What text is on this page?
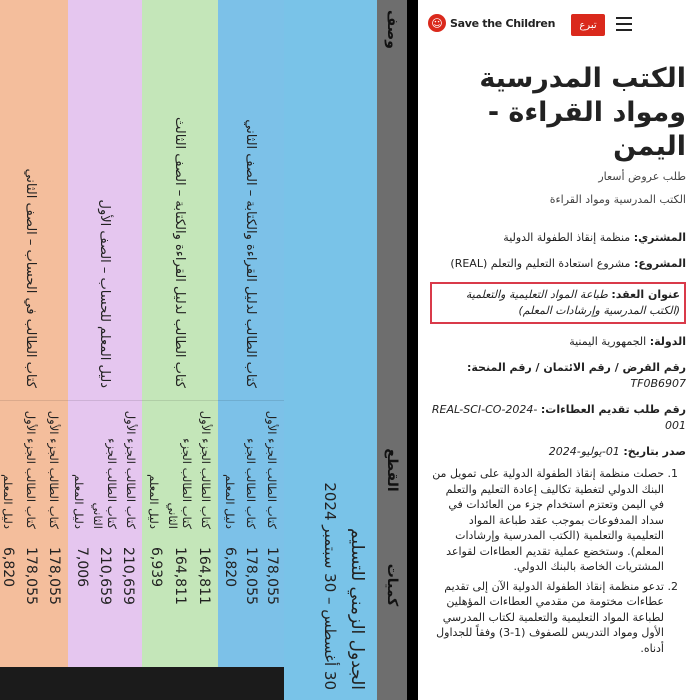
وصف
القطع
كميات
الجدول الزمني للتسليم
30 أغسطس – 30 سبتمبر 2024
كتاب الطالب لدليل القراءة والكتابة – الصف الثاني
كتاب الطالب الجزء الأول
كتاب الطالب الجزء
دليل المعلم
178,055
178,055
6,820
كتاب الطالب لدليل القراءة والكتابة – الصف الثالث
كتاب الطالب الجزء الأول
كتاب الطالب الجزء الثاني
دليل المعلم
164,811
164,811
6,939
دليل المعلم للحساب – الصف الأول
كتاب الطالب الجزء الأول
كتاب الطالب الجزء الثاني
دليل المعلم
210,659
210,659
7,006
كتاب الطالب في الحساب – الصف الثاني
كتاب الطالب الجزء الأول
كتاب الطالب الجزء الأول
دليل المعلم
178,055
178,055
6,820
☺ Save the Children	تبرع
الكتب المدرسية ومواد القراءة - اليمن
طلب عروض أسعار
الكتب المدرسية ومواد القراءة
المشتري: منظمة إنقاذ الطفولة الدولية
المشروع: مشروع استعادة التعليم والتعلم (REAL)
عنوان العقد: طباعة المواد التعليمية والتعلمية (الكتب المدرسية وإرشادات المعلم)
الدولة: الجمهورية اليمنية
رقم القرض / رقم الائتمان / رقم المنحة: TF0B6907
رقم طلب تقديم العطاءات: REAL-SCI-CO-2024-001
صدر بتاريخ: 01-يوليو-2024
1. حصلت منظمة إنقاذ الطفولة الدولية على تمويل من البنك الدولي لتغطية تكاليف إعادة التعليم والتعلم في اليمن وتعتزم استخدام جزء من العائدات في سداد المدفوعات بموجب عقد طباعة المواد التعليمية والتعلمية (الكتب المدرسية وإرشادات المعلم). وستخضع عملية تقديم العطاءات لقواعد المشتريات الخاصة بالبنك الدولي.
2. تدعو منظمة إنقاذ الطفولة الدولية الآن إلى تقديم عطاءات مختومة من مقدمي العطاءات المؤهلين لطباعة المواد التعليمية والتعلمية لكتاب المدرسي الأول ومواد التدريس للصفوف (1-3) وفقاً للجداول أدناه.
